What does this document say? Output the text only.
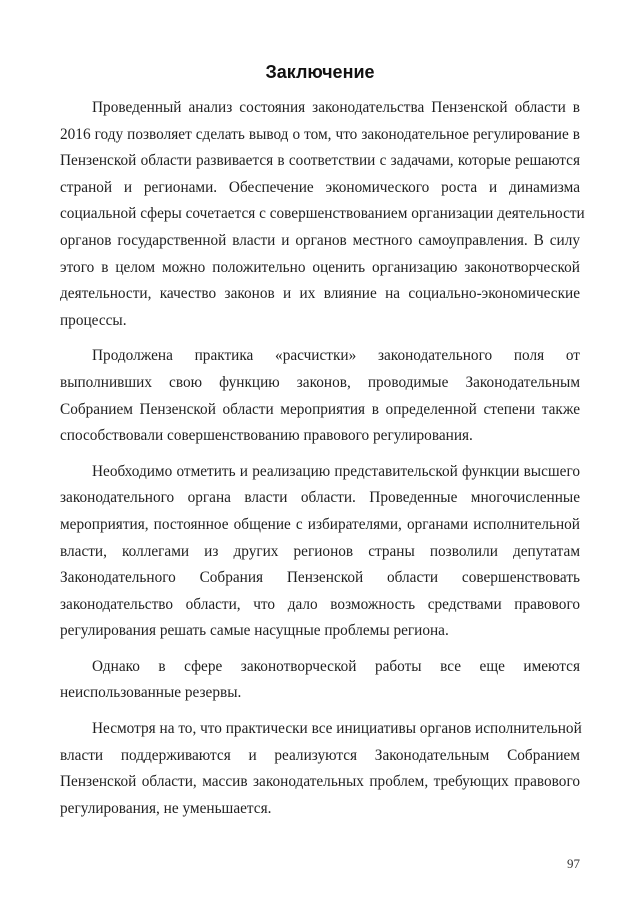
Заключение

Проведенный анализ состояния законодательства Пензенской области в
2016 году позволяет сделать вывод о том, что законодательное регулирование в
Пензенской области развивается в соответствии с задачами, которые решаются
страной и регионами. Обеспечение экономического роста и динамизма
социальной сферы сочетается с совершенствованием организации деятельности
органов государственной власти и органов местного самоуправления. В силу
этого в целом можно положительно оценить организацию законотворческой
деятельности, качество законов и их влияние на социально-экономические
процессы.

Продолжена практика «расчистки» законодательного поля от
выполнивших свою функцию законов, проводимые Законодательным
Собранием Пензенской области мероприятия в определенной степени также
способствовали совершенствованию правового регулирования.

Необходимо отметить и реализацию представительской функции высшего
законодательного органа власти области. Проведенные многочисленные
мероприятия, постоянное общение с избирателями, органами исполнительной
власти, коллегами из других регионов страны позволили депутатам
Законодательного Собрания Пензенской области совершенствовать
законодательство области, что дало возможность средствами правового
регулирования решать самые насущные проблемы региона.

Однако в сфере законотворческой работы все еще имеются
неиспользованные резервы.

Несмотря на то, что практически все инициативы органов исполнительной
власти поддерживаются и реализуются Законодательным Собранием
Пензенской области, массив законодательных проблем, требующих правового
регулирования, не уменьшается.

97
